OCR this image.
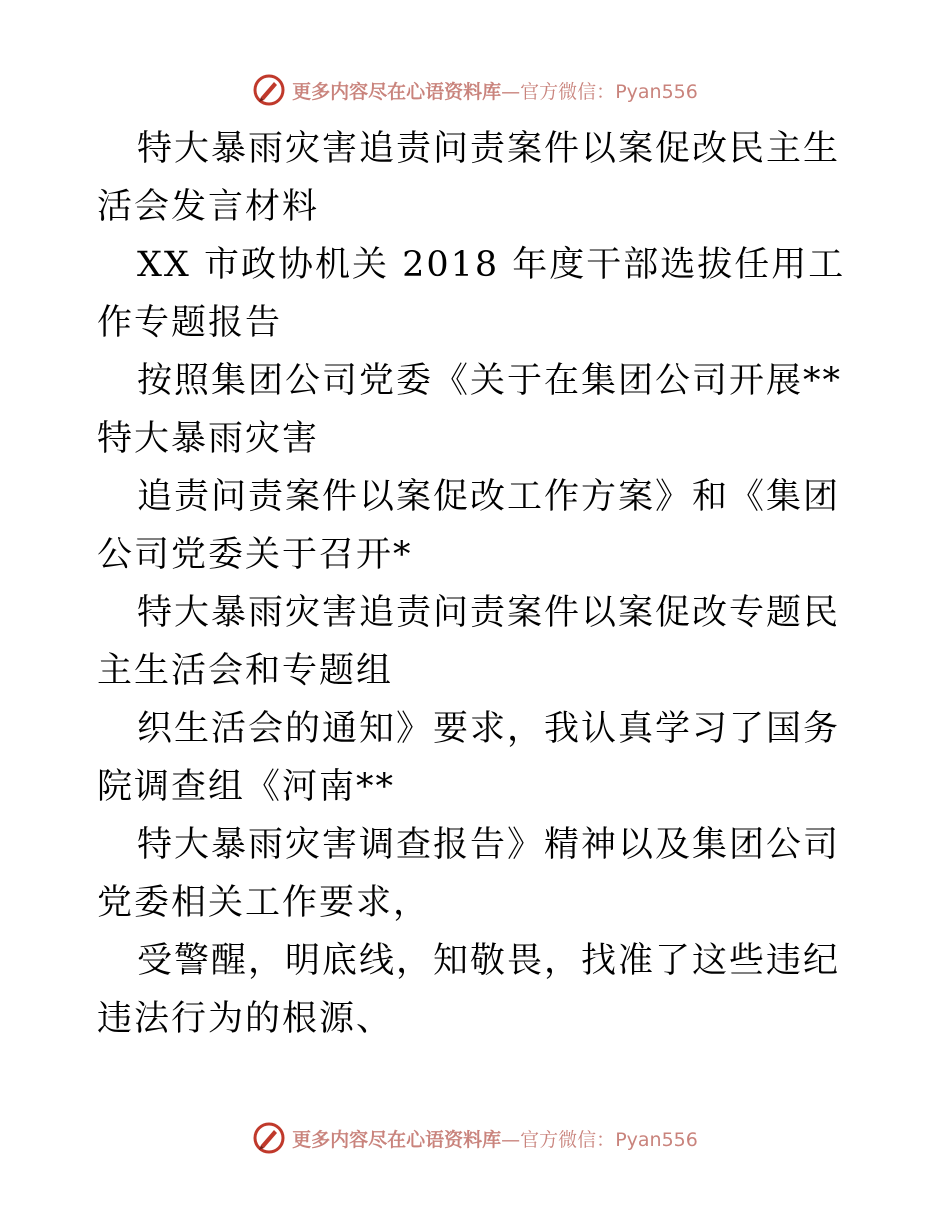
更多内容尽在心语资料库—官方微信：Pyan556

特大暴雨灾害追责问责案件以案促改民主生活会发言材料

XX 市政协机关 2018 年度干部选拔任用工作专题报告

按照集团公司党委《关于在集团公司开展**特大暴雨灾害

追责问责案件以案促改工作方案》和《集团公司党委关于召开*

特大暴雨灾害追责问责案件以案促改专题民主生活会和专题组

织生活会的通知》要求，我认真学习了国务院调查组《河南**

特大暴雨灾害调查报告》精神以及集团公司党委相关工作要求，

受警醒，明底线，知敬畏，找准了这些违纪违法行为的根源、

更多内容尽在心语资料库—官方微信：Pyan556
